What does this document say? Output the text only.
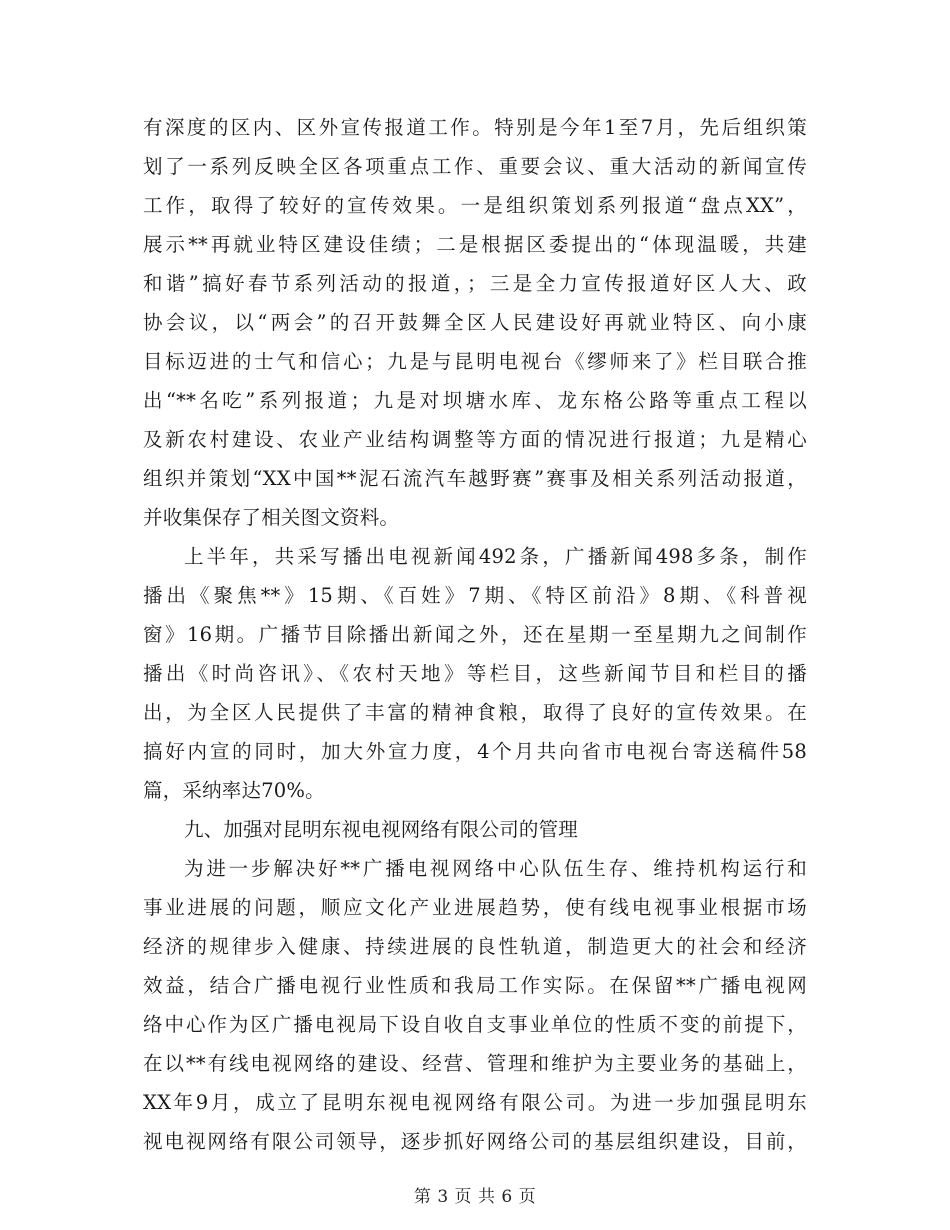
有深度的区内、区外宣传报道工作。特别是今年1至7月，先后组织策
划了一系列反映全区各项重点工作、重要会议、重大活动的新闻宣传
工作，取得了较好的宣传效果。一是组织策划系列报道“盘点XX”，
展示**再就业特区建设佳绩；二是根据区委提出的“体现温暖，共建
和谐”搞好春节系列活动的报道，；三是全力宣传报道好区人大、政
协会议，以“两会”的召开鼓舞全区人民建设好再就业特区、向小康
目标迈进的士气和信心；九是与昆明电视台《缪师来了》栏目联合推
出“**名吃”系列报道；九是对坝塘水库、龙东格公路等重点工程以
及新农村建设、农业产业结构调整等方面的情况进行报道；九是精心
组织并策划“XX中国**泥石流汽车越野赛”赛事及相关系列活动报道，
并收集保存了相关图文资料。
上半年，共采写播出电视新闻492条，广播新闻498多条，制作
播出《聚焦**》15期、《百姓》7期、《特区前沿》8期、《科普视
窗》16期。广播节目除播出新闻之外，还在星期一至星期九之间制作
播出《时尚咨讯》、《农村天地》等栏目，这些新闻节目和栏目的播
出，为全区人民提供了丰富的精神食粮，取得了良好的宣传效果。在
搞好内宣的同时，加大外宣力度，4个月共向省市电视台寄送稿件58
篇，采纳率达70%。
九、加强对昆明东视电视网络有限公司的管理
为进一步解决好**广播电视网络中心队伍生存、维持机构运行和
事业进展的问题，顺应文化产业进展趋势，使有线电视事业根据市场
经济的规律步入健康、持续进展的良性轨道，制造更大的社会和经济
效益，结合广播电视行业性质和我局工作实际。在保留**广播电视网
络中心作为区广播电视局下设自收自支事业单位的性质不变的前提下，
在以**有线电视网络的建设、经营、管理和维护为主要业务的基础上，
XX年9月，成立了昆明东视电视网络有限公司。为进一步加强昆明东
视电视网络有限公司领导，逐步抓好网络公司的基层组织建设，目前，
第 3 页 共 6 页
